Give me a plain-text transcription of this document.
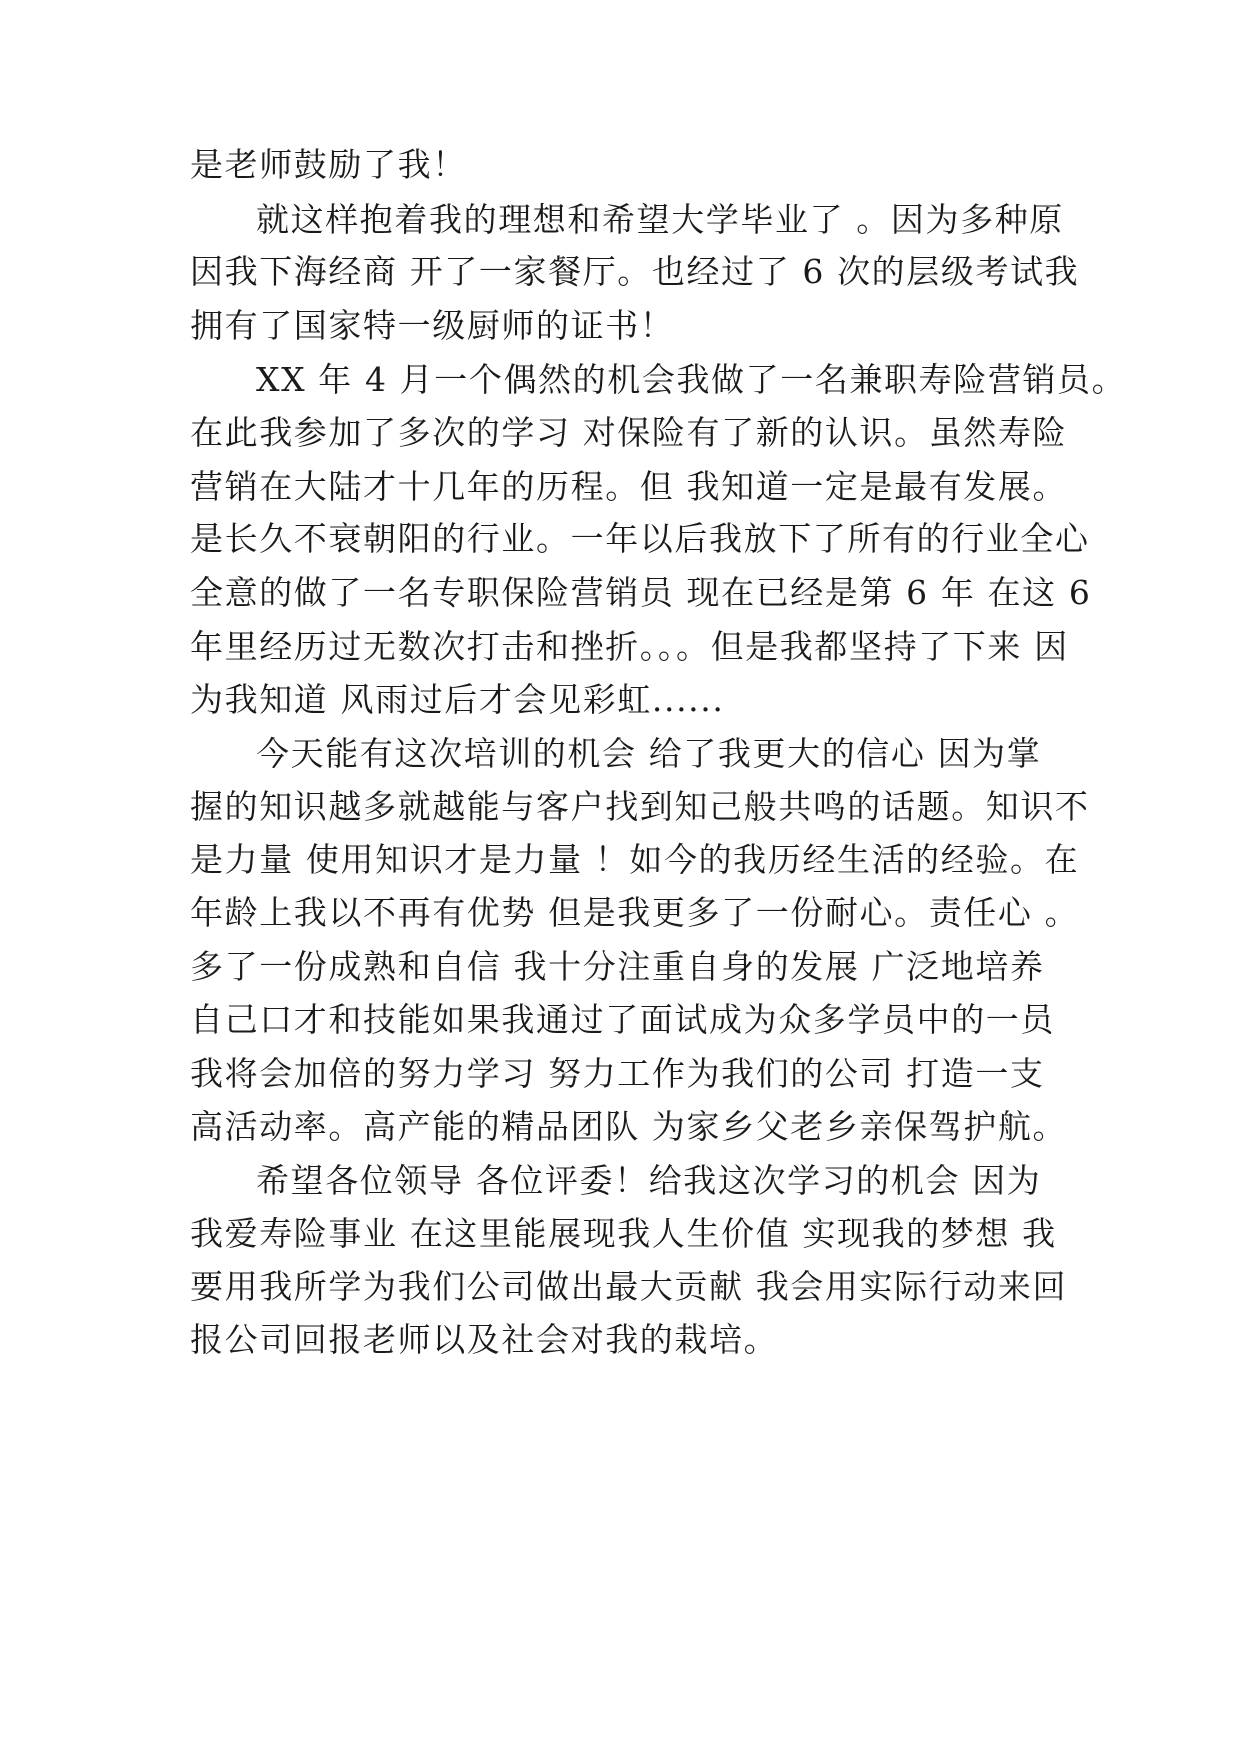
是老师鼓励了我！

就这样抱着我的理想和希望大学毕业了 。因为多种原

因我下海经商 开了一家餐厅。也经过了 6 次的层级考试我

拥有了国家特一级厨师的证书！

XX 年 4 月一个偶然的机会我做了一名兼职寿险营销员。

在此我参加了多次的学习 对保险有了新的认识。虽然寿险

营销在大陆才十几年的历程。但 我知道一定是最有发展。

是长久不衰朝阳的行业。一年以后我放下了所有的行业全心

全意的做了一名专职保险营销员 现在已经是第 6 年 在这 6

年里经历过无数次打击和挫折。。。但是我都坚持了下来 因

为我知道 风雨过后才会见彩虹......

今天能有这次培训的机会 给了我更大的信心 因为掌

握的知识越多就越能与客户找到知己般共鸣的话题。知识不

是力量 使用知识才是力量 ！如今的我历经生活的经验。在

年龄上我以不再有优势 但是我更多了一份耐心。责任心 。

多了一份成熟和自信 我十分注重自身的发展 广泛地培养

自己口才和技能如果我通过了面试成为众多学员中的一员

我将会加倍的努力学习 努力工作为我们的公司 打造一支

高活动率。高产能的精品团队 为家乡父老乡亲保驾护航。

希望各位领导 各位评委！给我这次学习的机会 因为

我爱寿险事业 在这里能展现我人生价值 实现我的梦想 我

要用我所学为我们公司做出最大贡献 我会用实际行动来回

报公司回报老师以及社会对我的栽培。
